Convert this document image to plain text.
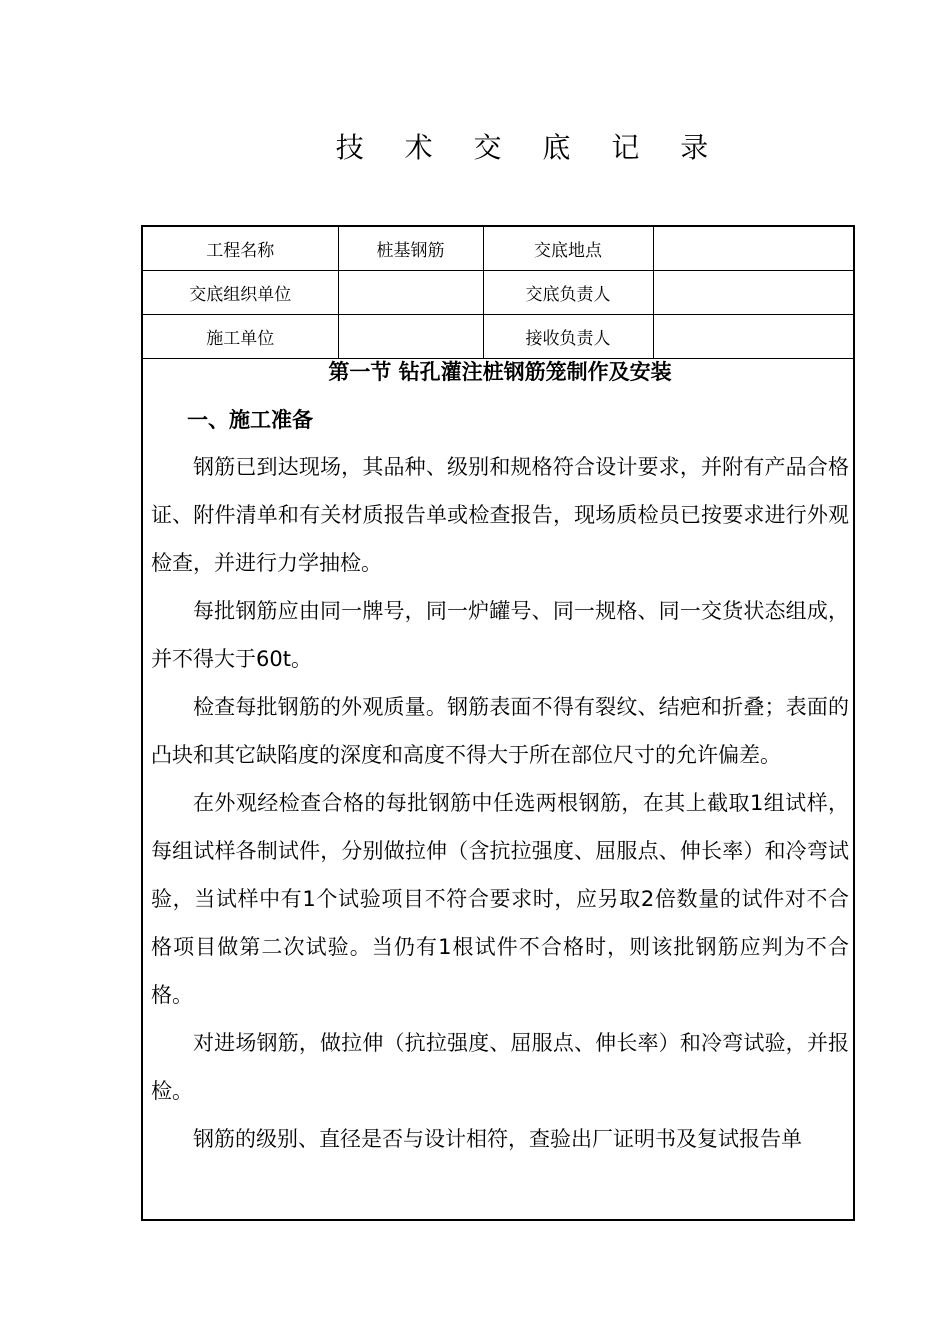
技 术 交 底 记 录
工程名称	桩基钢筋	交底地点	
交底组织单位		交底负责人	
施工单位		接收负责人	

第一节 钻孔灌注桩钢筋笼制作及安装

一、施工准备

钢筋已到达现场，其品种、级别和规格符合设计要求，并附有产品合格证、附件清单和有关材质报告单或检查报告，现场质检员已按要求进行外观检查，并进行力学抽检。

每批钢筋应由同一牌号，同一炉罐号、同一规格、同一交货状态组成，并不得大于60t。

检查每批钢筋的外观质量。钢筋表面不得有裂纹、结疤和折叠；表面的凸块和其它缺陷度的深度和高度不得大于所在部位尺寸的允许偏差。

在外观经检查合格的每批钢筋中任选两根钢筋，在其上截取1组试样，每组试样各制试件，分别做拉伸（含抗拉强度、屈服点、伸长率）和冷弯试验，当试样中有1个试验项目不符合要求时，应另取2倍数量的试件对不合格项目做第二次试验。当仍有1根试件不合格时，则该批钢筋应判为不合格。

对进场钢筋，做拉伸（抗拉强度、屈服点、伸长率）和冷弯试验，并报检。

钢筋的级别、直径是否与设计相符，查验出厂证明书及复试报告单
